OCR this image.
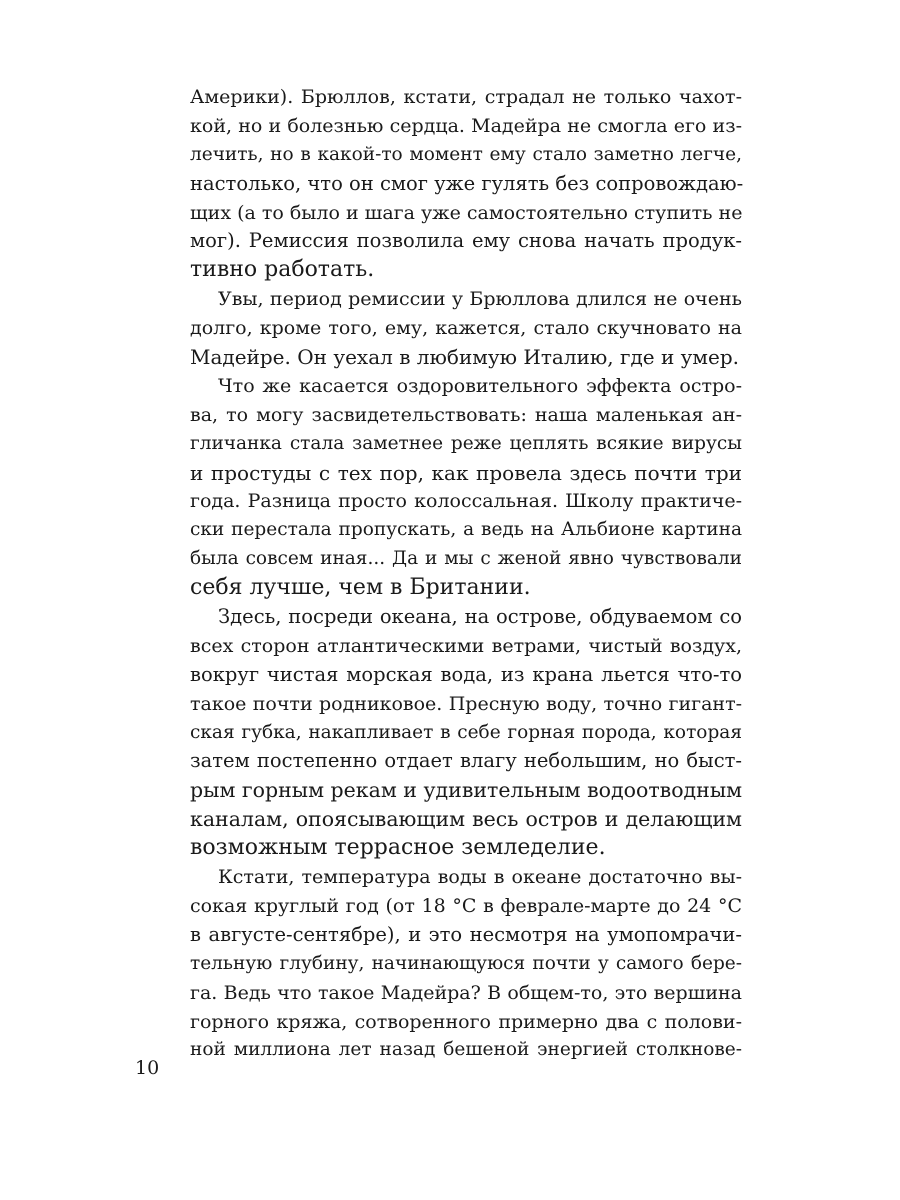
Америки). Брюллов, кстати, страдал не только чахот-
кой, но и болезнью сердца. Мадейра не смогла его из-
лечить, но в какой-то момент ему стало заметно легче,
настолько, что он смог уже гулять без сопровождаю-
щих (а то было и шага уже самостоятельно ступить не
мог). Ремиссия позволила ему снова начать продук-
тивно работать.
Увы, период ремиссии у Брюллова длился не очень
долго, кроме того, ему, кажется, стало скучновато на
Мадейре. Он уехал в любимую Италию, где и умер.
Что же касается оздоровительного эффекта остро-
ва, то могу засвидетельствовать: наша маленькая ан-
гличанка стала заметнее реже цеплять всякие вирусы
и простуды с тех пор, как провела здесь почти три
года. Разница просто колоссальная. Школу практиче-
ски перестала пропускать, а ведь на Альбионе картина
была совсем иная... Да и мы с женой явно чувствовали
себя лучше, чем в Британии.
Здесь, посреди океана, на острове, обдуваемом со
всех сторон атлантическими ветрами, чистый воздух,
вокруг чистая морская вода, из крана льется что-то
такое почти родниковое. Пресную воду, точно гигант-
ская губка, накапливает в себе горная порода, которая
затем постепенно отдает влагу небольшим, но быст-
рым горным рекам и удивительным водоотводным
каналам, опоясывающим весь остров и делающим
возможным террасное земледелие.
Кстати, температура воды в океане достаточно вы-
сокая круглый год (от 18 °С в феврале-марте до 24 °С
в августе-сентябре), и это несмотря на умопомрачи-
тельную глубину, начинающуюся почти у самого бере-
га. Ведь что такое Мадейра? В общем-то, это вершина
горного кряжа, сотворенного примерно два с полови-
ной миллиона лет назад бешеной энергией столкнове-
10
